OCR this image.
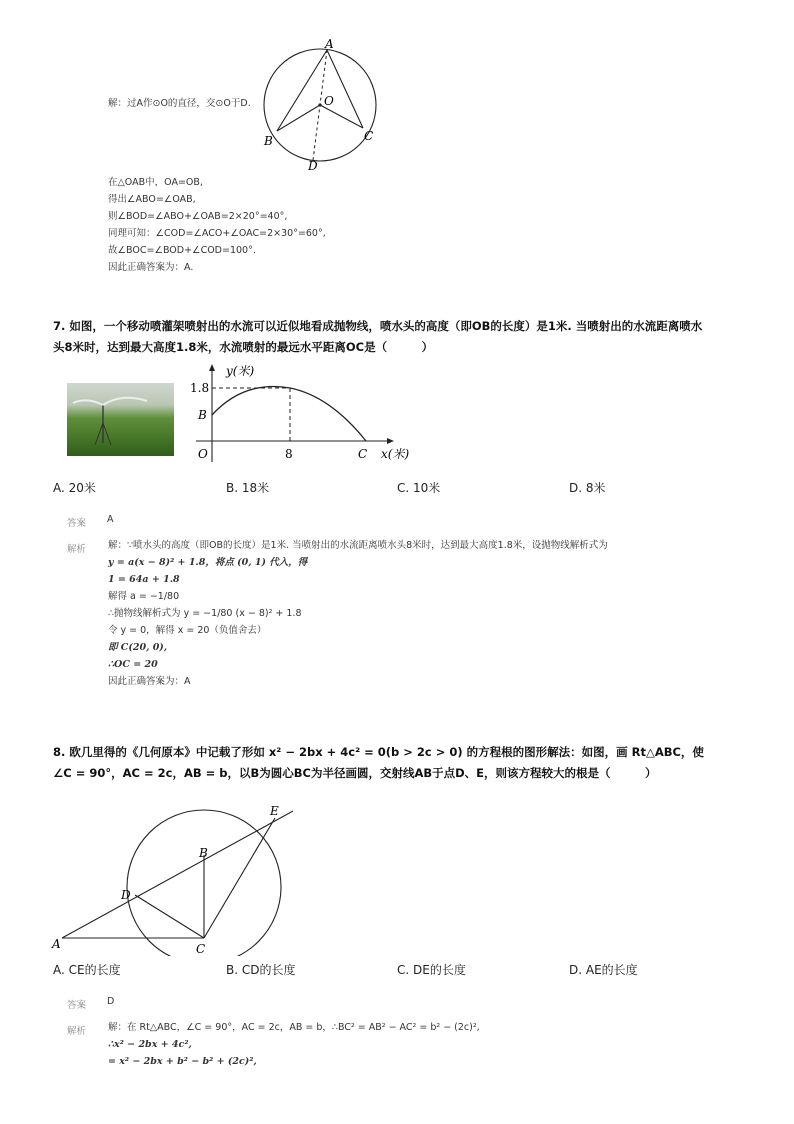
A
O
B	C
D
解：过A作⊙O的直径，交⊙O于D.
在△OAB中，OA=OB,
得出∠ABO=∠OAB,
则∠BOD=∠ABO+∠OAB=2×20°=40°,
同理可知：∠COD=∠ACO+∠OAC=2×30°=60°,
故∠BOC=∠BOD+∠COD=100°.
因此正确答案为：A.
7. 如图，一个移动喷灌架喷射出的水流可以近似地看成抛物线，喷水头的高度（即OB的长度）是1米. 当喷射出的水流距离喷水
头8米时，达到最大高度1.8米，水流喷射的最远水平距离OC是（　　　）
y(米)
x(米)
1.8
B
O	8	C
A. 20米	B. 18米	C. 10米	D. 8米
答案 A
解析 解：∵喷水头的高度（即OB的长度）是1米. 当喷射出的水流距离喷水头8米时，达到最大高度1.8米，设抛物线解析式为
y = a(x − 8)² + 1.8，将点 (0, 1) 代入，得
1 = 64a + 1.8
解得 a = −1/80
∴抛物线解析式为 y = −1/80 (x − 8)² + 1.8
令 y = 0，解得 x = 20（负值舍去）
即 C(20, 0),
∴OC = 20
因此正确答案为：A
8. 欧几里得的《几何原本》中记载了形如 x² − 2bx + 4c² = 0(b > 2c > 0) 的方程根的图形解法：如图，画 Rt△ABC，使
∠C = 90°，AC = 2c，AB = b，以B为圆心BC为半径画圆，交射线AB于点D、E，则该方程较大的根是（　　　）
A
B
C
D
E
A. CE的长度	B. CD的长度	C. DE的长度	D. AE的长度
答案 D
解析 解：在 Rt△ABC，∠C = 90°，AC = 2c，AB = b，∴BC² = AB² − AC² = b² − (2c)²,
∴x² − 2bx + 4c²,
= x² − 2bx + b² − b² + (2c)²,
